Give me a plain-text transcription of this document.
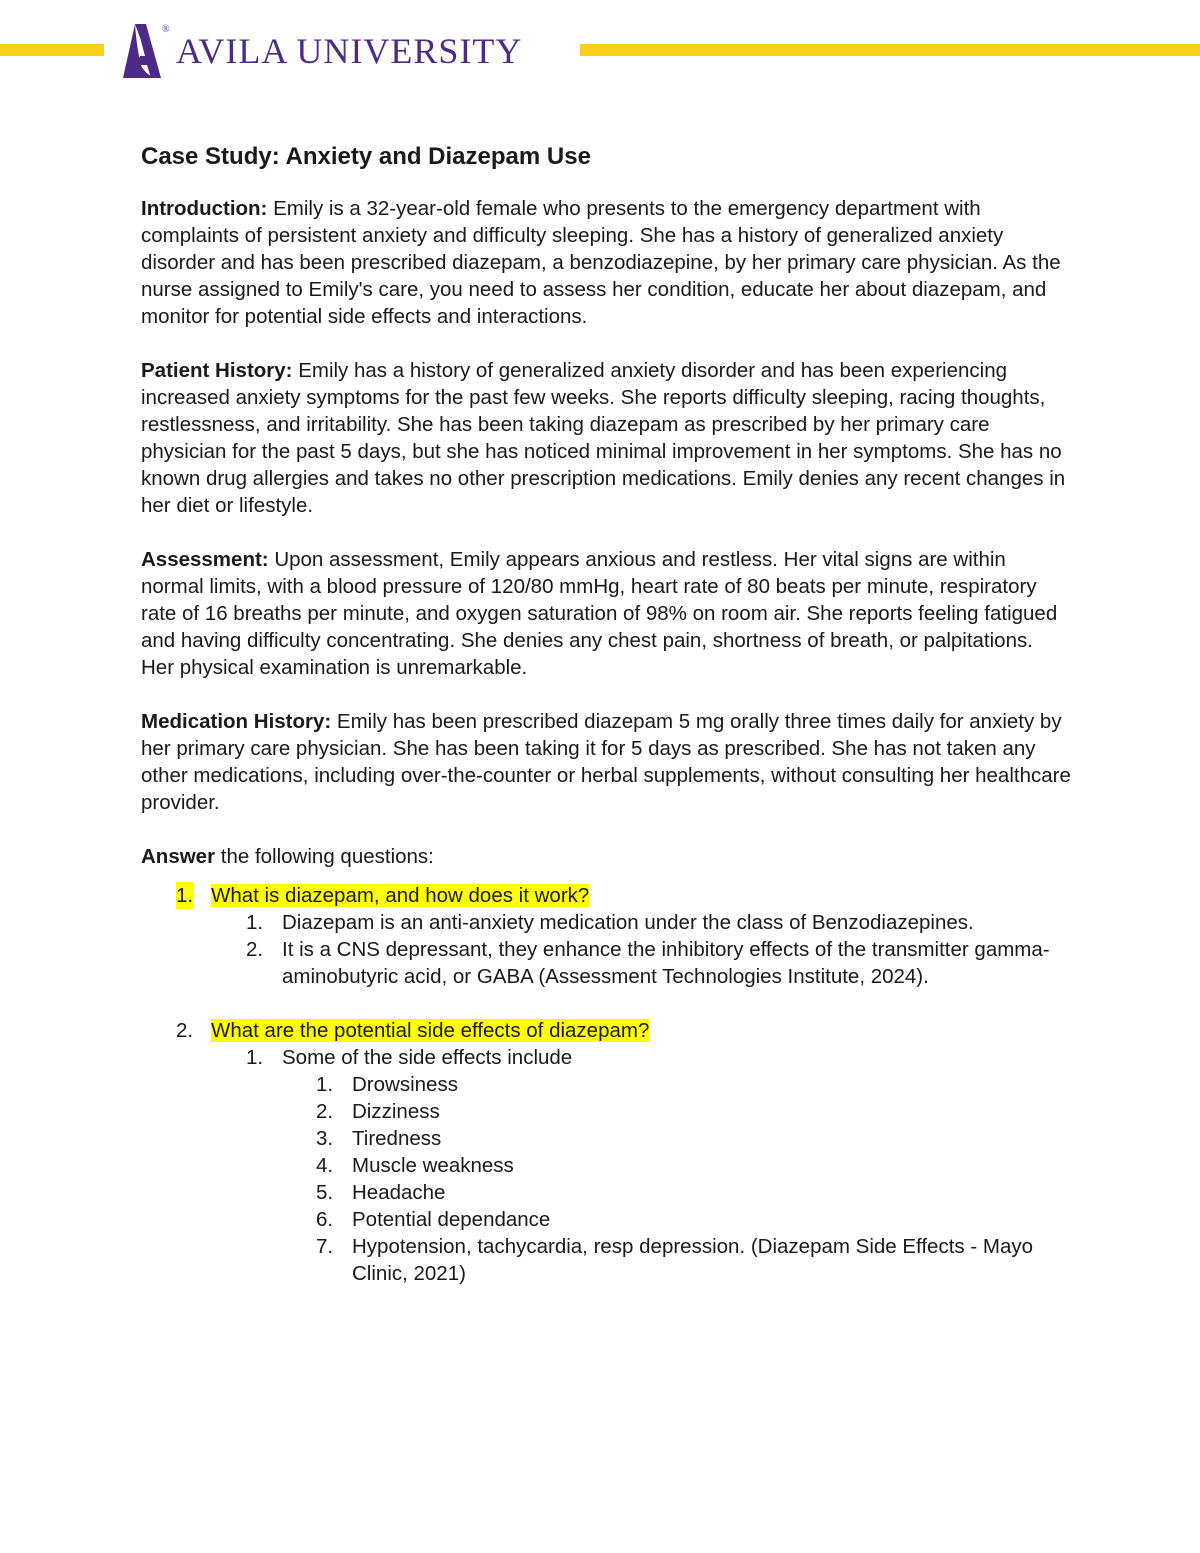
®
AVILA UNIVERSITY
Case Study: Anxiety and Diazepam Use

Introduction: Emily is a 32-year-old female who presents to the emergency department with complaints of persistent anxiety and difficulty sleeping. She has a history of generalized anxiety disorder and has been prescribed diazepam, a benzodiazepine, by her primary care physician. As the nurse assigned to Emily's care, you need to assess her condition, educate her about diazepam, and monitor for potential side effects and interactions.

Patient History: Emily has a history of generalized anxiety disorder and has been experiencing increased anxiety symptoms for the past few weeks. She reports difficulty sleeping, racing thoughts, restlessness, and irritability. She has been taking diazepam as prescribed by her primary care physician for the past 5 days, but she has noticed minimal improvement in her symptoms. She has no known drug allergies and takes no other prescription medications. Emily denies any recent changes in her diet or lifestyle.

Assessment: Upon assessment, Emily appears anxious and restless. Her vital signs are within normal limits, with a blood pressure of 120/80 mmHg, heart rate of 80 beats per minute, respiratory rate of 16 breaths per minute, and oxygen saturation of 98% on room air. She reports feeling fatigued and having difficulty concentrating. She denies any chest pain, shortness of breath, or palpitations. Her physical examination is unremarkable.

Medication History: Emily has been prescribed diazepam 5 mg orally three times daily for anxiety by her primary care physician. She has been taking it for 5 days as prescribed. She has not taken any other medications, including over-the-counter or herbal supplements, without consulting her healthcare provider.

Answer the following questions:

1. What is diazepam, and how does it work?
1. Diazepam is an anti-anxiety medication under the class of Benzodiazepines.
2. It is a CNS depressant, they enhance the inhibitory effects of the transmitter gamma-aminobutyric acid, or GABA (Assessment Technologies Institute, 2024).
2. What are the potential side effects of diazepam?
1. Some of the side effects include
1. Drowsiness
2. Dizziness
3. Tiredness
4. Muscle weakness
5. Headache
6. Potential dependance
7. Hypotension, tachycardia, resp depression. (Diazepam Side Effects - Mayo Clinic, 2021)
